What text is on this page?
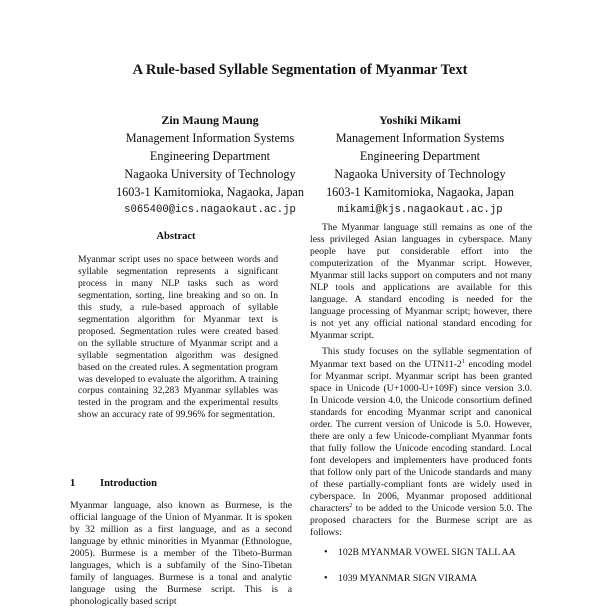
A Rule-based Syllable Segmentation of Myanmar Text
Zin Maung Maung
Management Information Systems
Engineering Department
Nagaoka University of Technology
1603-1 Kamitomioka, Nagaoka, Japan
s065400@ics.nagaokaut.ac.jp
Yoshiki Mikami
Management Information Systems
Engineering Department
Nagaoka University of Technology
1603-1 Kamitomioka, Nagaoka, Japan
mikami@kjs.nagaokaut.ac.jp
Abstract

Myanmar script uses no space between words and syllable segmentation represents a significant process in many NLP tasks such as word segmentation, sorting, line breaking and so on. In this study, a rule-based approach of syllable segmentation algorithm for Myanmar text is proposed. Segmentation rules were created based on the syllable structure of Myanmar script and a syllable segmentation algorithm was designed based on the created rules. A segmentation program was developed to evaluate the algorithm. A training corpus containing 32,283 Myanmar syllables was tested in the program and the experimental results show an accuracy rate of 99.96% for segmentation.

1 Introduction

Myanmar language, also known as Burmese, is the official language of the Union of Myanmar. It is spoken by 32 million as a first language, and as a second language by ethnic minorities in Myanmar (Ethnologue, 2005). Burmese is a member of the Tibeto-Burman languages, which is a subfamily of the Sino-Tibetan family of languages. Burmese is a tonal and analytic language using the Burmese script. This is a phonologically based script

The Myanmar language still remains as one of the less privileged Asian languages in cyberspace. Many people have put considerable effort into the computerization of the Myanmar script. However, Myanmar still lacks support on computers and not many NLP tools and applications are available for this language. A standard encoding is needed for the language processing of Myanmar script; however, there is not yet any official national standard encoding for Myanmar script.

This study focuses on the syllable segmentation of Myanmar text based on the $UTN11-2^1$ encoding model for Myanmar script. Myanmar script has been granted space in Unicode (U+1000-U+109F) since version 3.0. In Unicode version 4.0, the Unicode consortium defined standards for encoding Myanmar script and canonical order. The current version of Unicode is 5.0. However, there are only a few Unicode-compliant Myanmar fonts that fully follow the Unicode encoding standard. Local font developers and implementers have produced fonts that follow only part of the Unicode standards and many of these partially-compliant fonts are widely used in cyberspace. In 2006, Myanmar proposed additional characters$^2$ to be added to the Unicode version 5.0. The proposed characters for the Burmese script are as follows:

• 102B MYANMAR VOWEL SIGN TALL AA
• 1039 MYANMAR SIGN VIRAMA
